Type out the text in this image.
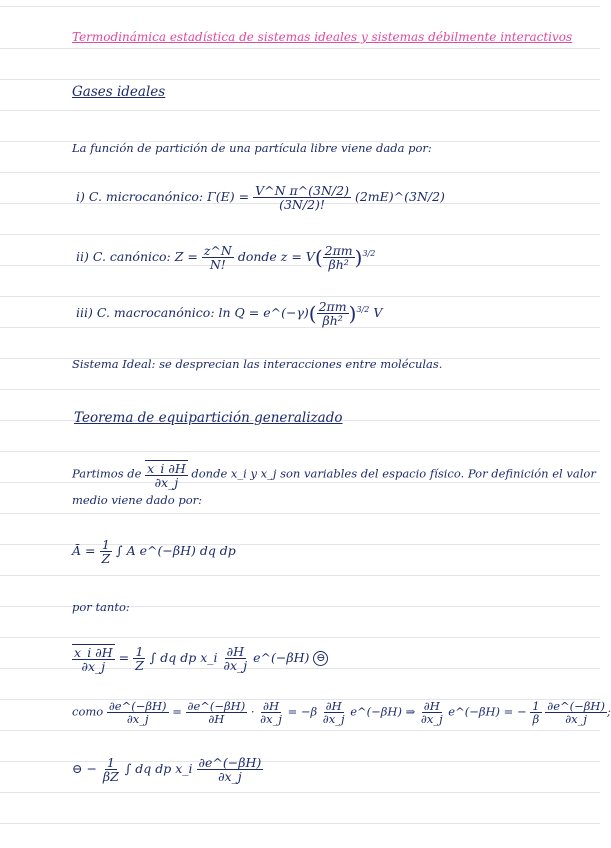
Termodinámica estadística de sistemas ideales y sistemas débilmente interactivos
Gases ideales
La función de partición de una partícula libre viene dada por:
i) C. microcanónico: $\Gamma(E) = \frac{\text{V\textasciicircum{}N π\textasciicircum{}(3N/2)}}{(3N/2)!}$ (2mE)^(3N/2)
ii) C. canónico: $Z = \frac{z\^{}N}{N!}$ donde $z = V( \frac{2\pi m}{\text{βh²}} )^{3/2}$
iii) C. macrocanónico: ln Q = e^(−γ)( $\frac{2\pi m}{\text{βh²}} )^{3/2}$ V
Sistema Ideal: se desprecian las interacciones entre moléculas.
Teorema de equipartición generalizado
Partimos de $\frac{x\_i \partial H}{\partial x\_j}$ donde x_i y x_j son variables del espacio físico. Por definición el valor
medio viene dado por:
Ā = $\frac{1}{Z}$ ∫ A e^(−βH) dq dp
por tanto:
$\frac{x\_i \partial H}{\partial x\_j} = \frac{1}{Z}$ ∫ dq dp x_i $\frac{\partial H}{\partial x\_j}$ e^(−βH) ⊖
como $\frac{\partial e\^{}(-\beta H)}{\partial x\_j} = \frac{\partial e\^{}(-\beta H)}{\partial H} \cdot \frac{\partial H}{\partial x\_j} = -\beta \frac{\partial H}{\partial x\_j}$ e^(−βH) ⇒ $\frac{\partial H}{\partial x\_j}$ e^(−βH) = − $\frac{1}{\beta}$
$\frac{\partial e\^{}(-\beta H)}{\partial x\_j}$ ;
⊖ − $\frac{1}{\beta Z}$ ∫ dq dp x_i $\frac{\partial e\^{}(-\beta H)}{\partial x\_j}$
